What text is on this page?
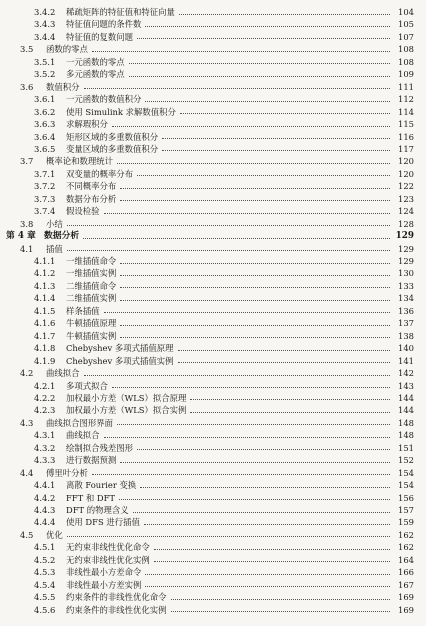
3.4.2	稀疏矩阵的特征值和特征向量	104
3.4.3	特征值问题的条件数	105
3.4.4	特征值的复数问题	107
3.5	函数的零点	108
3.5.1	一元函数的零点	108
3.5.2	多元函数的零点	109
3.6	数值积分	111
3.6.1	一元函数的数值积分	112
3.6.2	使用 Simulink 求解数值积分	114
3.6.3	求解瑕积分	115
3.6.4	矩形区域的多重数值积分	116
3.6.5	变量区域的多重数值积分	117
3.7	概率论和数理统计	120
3.7.1	双变量的概率分布	120
3.7.2	不同概率分布	122
3.7.3	数据分布分析	123
3.7.4	假设检验	124
3.8	小结	128
第 4 章 数据分析	129
4.1	插值	129
4.1.1	一维插值命令	129
4.1.2	一维插值实例	130
4.1.3	二维插值命令	133
4.1.4	二维插值实例	134
4.1.5	样条插值	136
4.1.6	牛顿插值原理	137
4.1.7	牛顿插值实例	138
4.1.8	Chebyshev 多项式插值原理	140
4.1.9	Chebyshev 多项式插值实例	141
4.2	曲线拟合	142
4.2.1	多项式拟合	143
4.2.2	加权最小方差（WLS）拟合原理	144
4.2.3	加权最小方差（WLS）拟合实例	144
4.3	曲线拟合图形界面	148
4.3.1	曲线拟合	148
4.3.2	绘制拟合残差图形	151
4.3.3	进行数据预测	152
4.4	傅里叶分析	154
4.4.1	离散 Fourier 变换	154
4.4.2	FFT 和 DFT	156
4.4.3	DFT 的物理含义	157
4.4.4	使用 DFS 进行插值	159
4.5	优化	162
4.5.1	无约束非线性优化命令	162
4.5.2	无约束非线性优化实例	164
4.5.3	非线性最小方差命令	166
4.5.4	非线性最小方差实例	167
4.5.5	约束条件的非线性优化命令	169
4.5.6	约束条件的非线性优化实例	169
